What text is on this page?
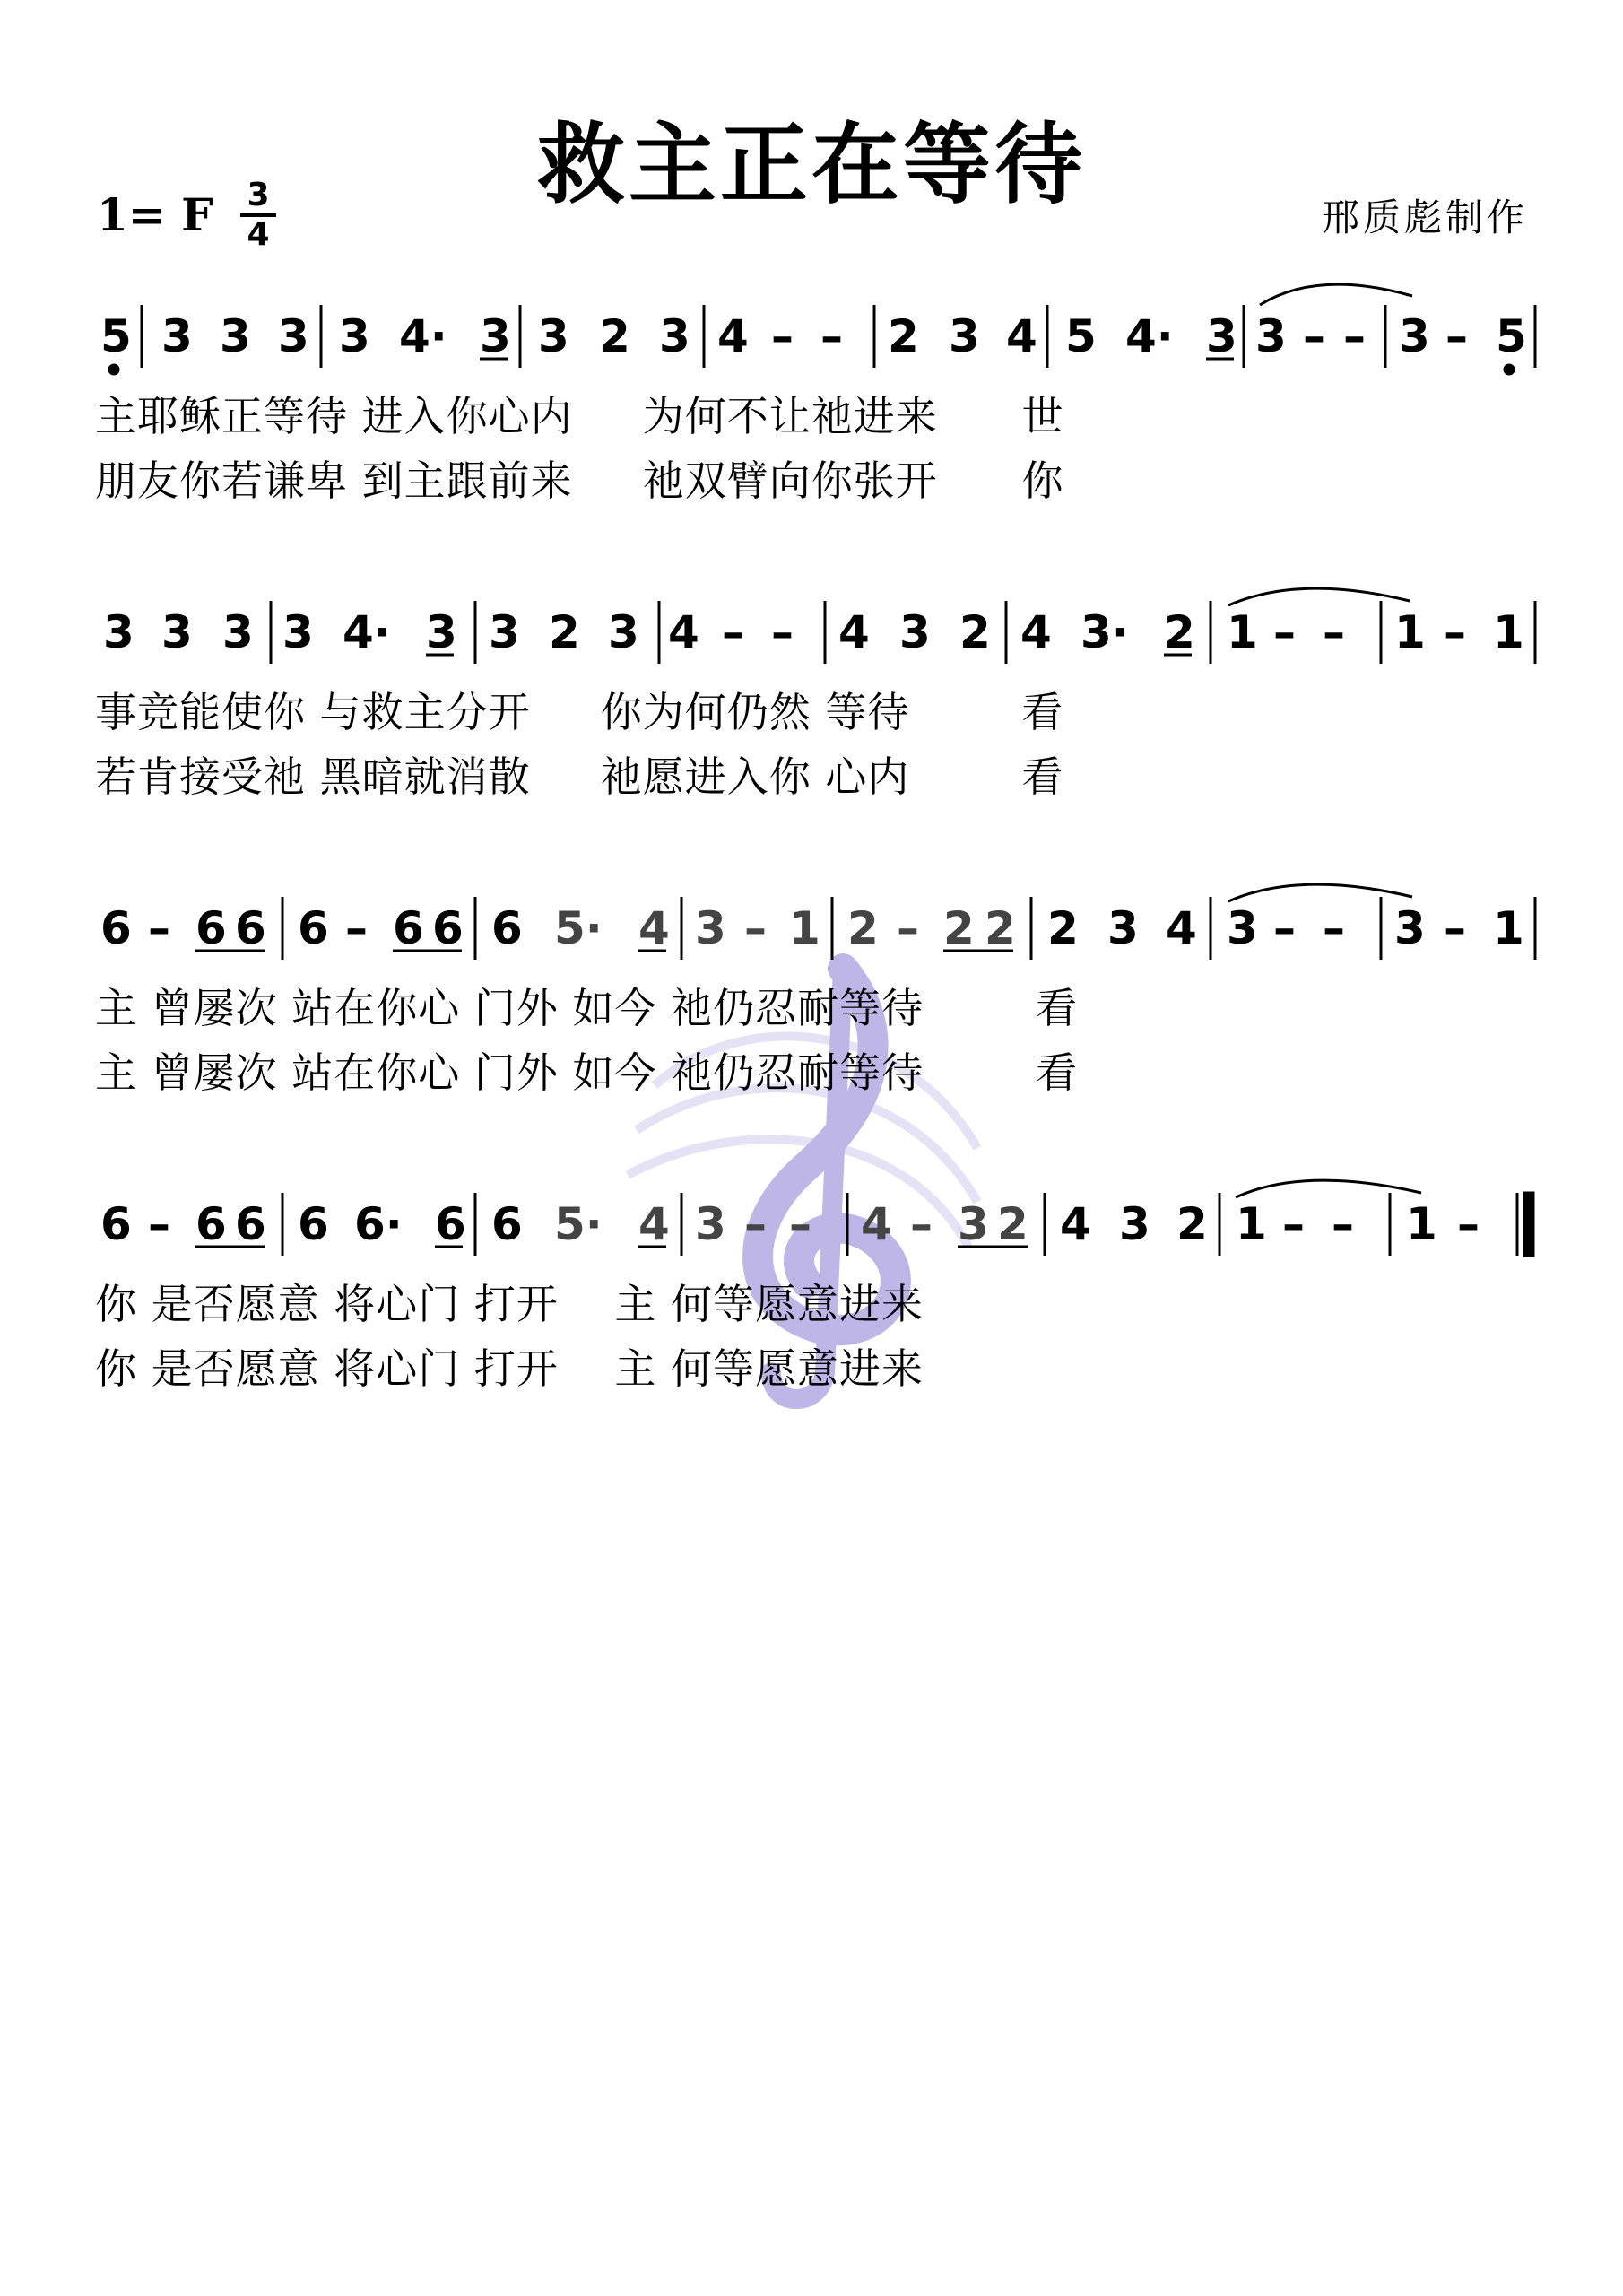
救主正在等待
1= F 3
4	邢质彪制作
5 3 3 3 3 4· 3 3 2 3 4 – – 2 3 4 5 4· 3 3 – – 3 – 5
主耶稣正等待 进入你心内     为何不让祂进来      世
朋友你若谦卑 到主跟前来     祂双臂向你张开      你
3 3 3 3 4· 3 3 2 3 4 – – 4 3 2 4 3· 2 1 – – 1 – 1
事竞能使你 与救主分开     你为何仍然 等待        看
若肯接受祂 黑暗就消散     祂愿进入你 心内        看
6 – 6 6 6 – 6 6 6 5· 4 3 – 1 2 – 2 2 2 3 4 3 – – 3 – 1
主 曾屡次 站在你心 门外 如今 祂仍忍耐等待        看
主 曾屡次 站在你心 门外 如今 祂仍忍耐等待        看
6 – 6 6 6 6· 6 6 5· 4 3 – – 4 – 3 2 4 3 2 1 – – 1 –
你 是否愿意 将心门 打开    主 何等愿意进来
你 是否愿意 将心门 打开    主 何等愿意进来
